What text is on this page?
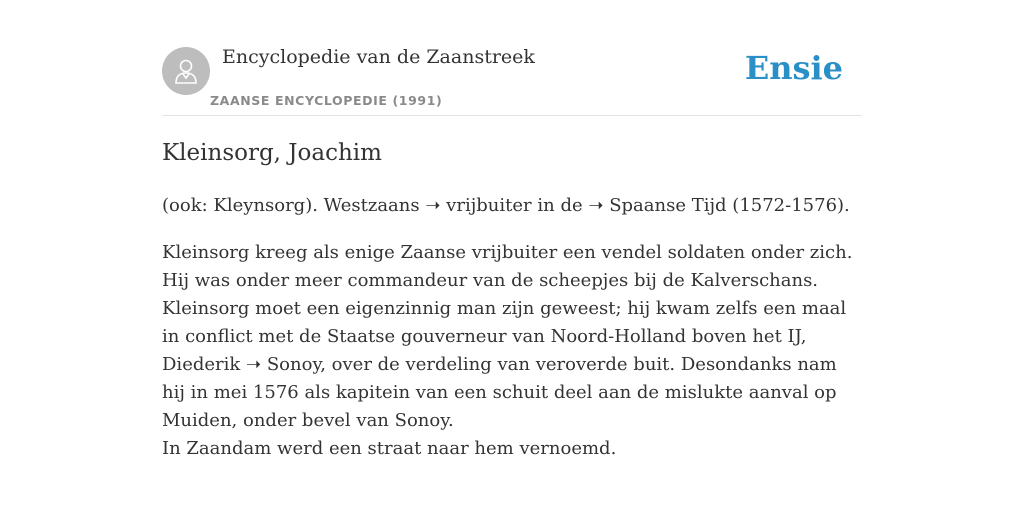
Encyclopedie van de Zaanstreek
ZAANSE ENCYCLOPEDIE (1991)
Ensie
Kleinsorg, Joachim

(ook: Kleynsorg). Westzaans ➝ vrijbuiter in de ➝ Spaanse Tijd (1572-1576).

Kleinsorg kreeg als enige Zaanse vrijbuiter een vendel soldaten onder zich. Hij was onder meer commandeur van de scheepjes bij de Kalverschans. Kleinsorg moet een eigenzinnig man zijn geweest; hij kwam zelfs een maal in conflict met de Staatse gouverneur van Noord-Holland boven het IJ, Diederik ➝ Sonoy, over de verdeling van veroverde buit. Desondanks nam hij in mei 1576 als kapitein van een schuit deel aan de mislukte aanval op Muiden, onder bevel van Sonoy.

In Zaandam werd een straat naar hem vernoemd.
